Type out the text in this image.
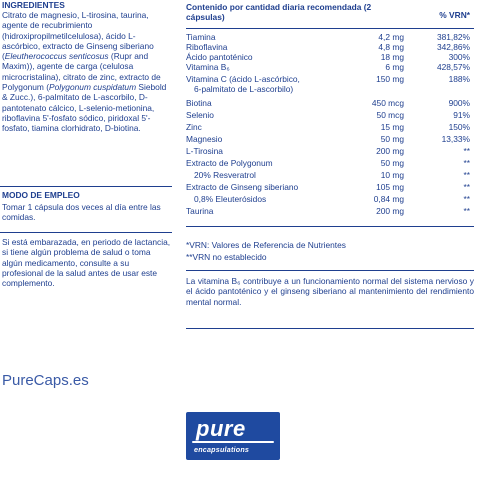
INGREDIENTES
Citrato de magnesio, L-tirosina, taurina, agente de recubrimiento (hidroxipropilmetilcelulosa), ácido L-ascórbico, extracto de Ginseng siberiano (Eleutherococcus senticosus (Rupr and Maxim)), agente de carga (celulosa microcristalina), citrato de zinc, extracto de Polygonum (Polygonum cuspidatum Siebold & Zucc.), 6-palmitato de L-ascorbilo, D-pantotenato cálcico, L-selenio-metionina, riboflavina 5'-fosfato sódico, piridoxal 5'-fosfato, tiamina clorhidrato, D-biotina.
MODO DE EMPLEO
Tomar 1 cápsula dos veces al día entre las comidas.
Si está embarazada, en periodo de lactancia, si tiene algún problema de salud o toma algún medicamento, consulte a su profesional de la salud antes de usar este complemento.
Contenido por cantidad diaria recomendada (2 cápsulas)	% VRN*
Tiamina	4,2 mg	381,82%
Riboflavina	4,8 mg	342,86%
Ácido pantoténico	18 mg	300%
Vitamina B₆	6 mg	428,57%
Vitamina C (ácido L-ascórbico,	150 mg	188%
6-palmitato de L-ascorbilo)
Biotina	450 mcg	900%
Selenio	50 mcg	91%
Zinc	15 mg	150%
Magnesio	50 mg	13,33%
L-Tirosina	200 mg	**
Extracto de Polygonum	50 mg	**
20% Resveratrol	10 mg	**
Extracto de Ginseng siberiano	105 mg	**
0,8% Eleuterósidos	0,84 mg	**
Taurina	200 mg	**
*VRN: Valores de Referencia de Nutrientes
**VRN no establecido
La vitamina B₆ contribuye a un funcionamiento normal del sistema nervioso y el ácido pantoténico y el ginseng siberiano al mantenimiento del rendimiento mental normal.
PureCaps.es
pure
encapsulations
